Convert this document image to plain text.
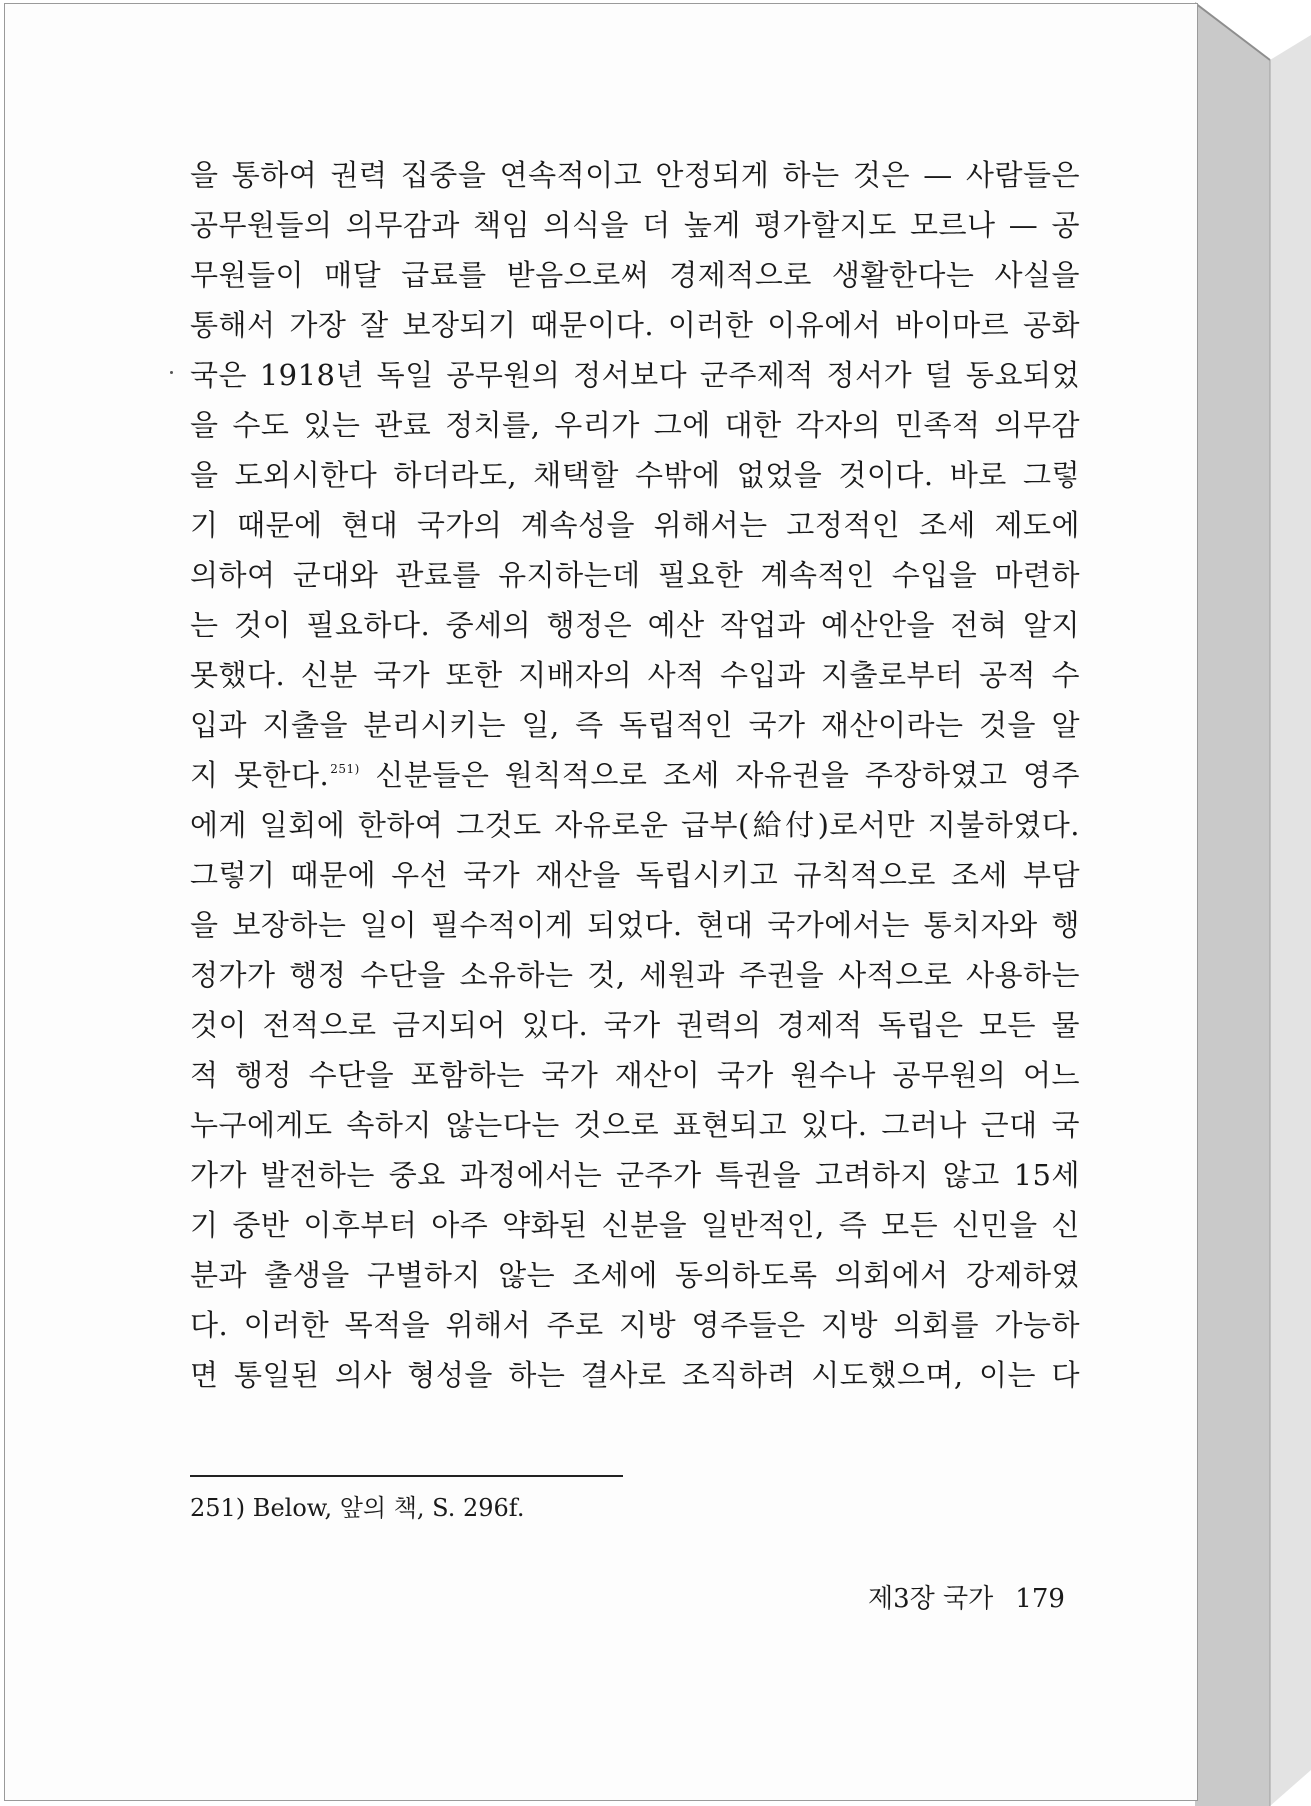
을 통하여 권력 집중을 연속적이고 안정되게 하는 것은 — 사람들은
공무원들의 의무감과 책임 의식을 더 높게 평가할지도 모르나 — 공
무원들이 매달 급료를 받음으로써 경제적으로 생활한다는 사실을
통해서 가장 잘 보장되기 때문이다. 이러한 이유에서 바이마르 공화
국은 1918년 독일 공무원의 정서보다 군주제적 정서가 덜 동요되었
을 수도 있는 관료 정치를, 우리가 그에 대한 각자의 민족적 의무감
을 도외시한다 하더라도, 채택할 수밖에 없었을 것이다. 바로 그렇
기 때문에 현대 국가의 계속성을 위해서는 고정적인 조세 제도에
의하여 군대와 관료를 유지하는데 필요한 계속적인 수입을 마련하
는 것이 필요하다. 중세의 행정은 예산 작업과 예산안을 전혀 알지
못했다. 신분 국가 또한 지배자의 사적 수입과 지출로부터 공적 수
입과 지출을 분리시키는 일, 즉 독립적인 국가 재산이라는 것을 알
지 못한다.$^{251)}$ 신분들은 원칙적으로 조세 자유권을 주장하였고 영주
에게 일회에 한하여 그것도 자유로운 급부(給付)로서만 지불하였다.
그렇기 때문에 우선 국가 재산을 독립시키고 규칙적으로 조세 부담
을 보장하는 일이 필수적이게 되었다. 현대 국가에서는 통치자와 행
정가가 행정 수단을 소유하는 것, 세원과 주권을 사적으로 사용하는
것이 전적으로 금지되어 있다. 국가 권력의 경제적 독립은 모든 물
적 행정 수단을 포함하는 국가 재산이 국가 원수나 공무원의 어느
누구에게도 속하지 않는다는 것으로 표현되고 있다. 그러나 근대 국
가가 발전하는 중요 과정에서는 군주가 특권을 고려하지 않고 15세
기 중반 이후부터 아주 약화된 신분을 일반적인, 즉 모든 신민을 신
분과 출생을 구별하지 않는 조세에 동의하도록 의회에서 강제하였
다. 이러한 목적을 위해서 주로 지방 영주들은 지방 의회를 가능하
면 통일된 의사 형성을 하는 결사로 조직하려 시도했으며, 이는 다
251) Below, 앞의 책, S. 296f.
제3장 국가 179
